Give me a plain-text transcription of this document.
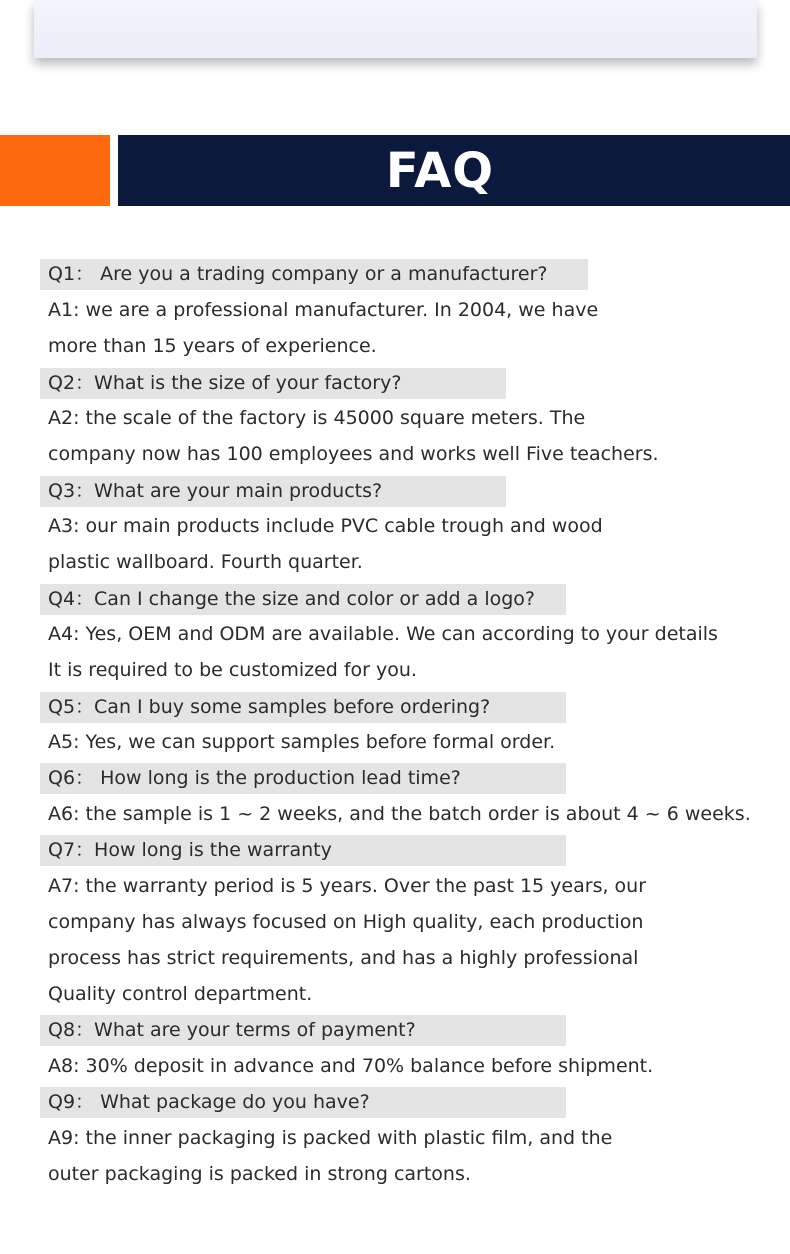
FAQ
Q1： Are you a trading company or a manufacturer?
A1: we are a professional manufacturer. In 2004, we have
more than 15 years of experience.
Q2：What is the size of your factory?
A2: the scale of the factory is 45000 square meters. The
company now has 100 employees and works well Five teachers.
Q3：What are your main products?
A3: our main products include PVC cable trough and wood
plastic wallboard. Fourth quarter.
Q4：Can I change the size and color or add a logo?
A4: Yes, OEM and ODM are available. We can according to your details
It is required to be customized for you.
Q5：Can I buy some samples before ordering?
A5: Yes, we can support samples before formal order.
Q6： How long is the production lead time?
A6: the sample is 1 ~ 2 weeks, and the batch order is about 4 ~ 6 weeks.
Q7：How long is the warranty
A7: the warranty period is 5 years. Over the past 15 years, our
company has always focused on High quality, each production
process has strict requirements, and has a highly professional
Quality control department.
Q8：What are your terms of payment?
A8: 30% deposit in advance and 70% balance before shipment.
Q9： What package do you have?
A9: the inner packaging is packed with plastic film, and the
outer packaging is packed in strong cartons.
